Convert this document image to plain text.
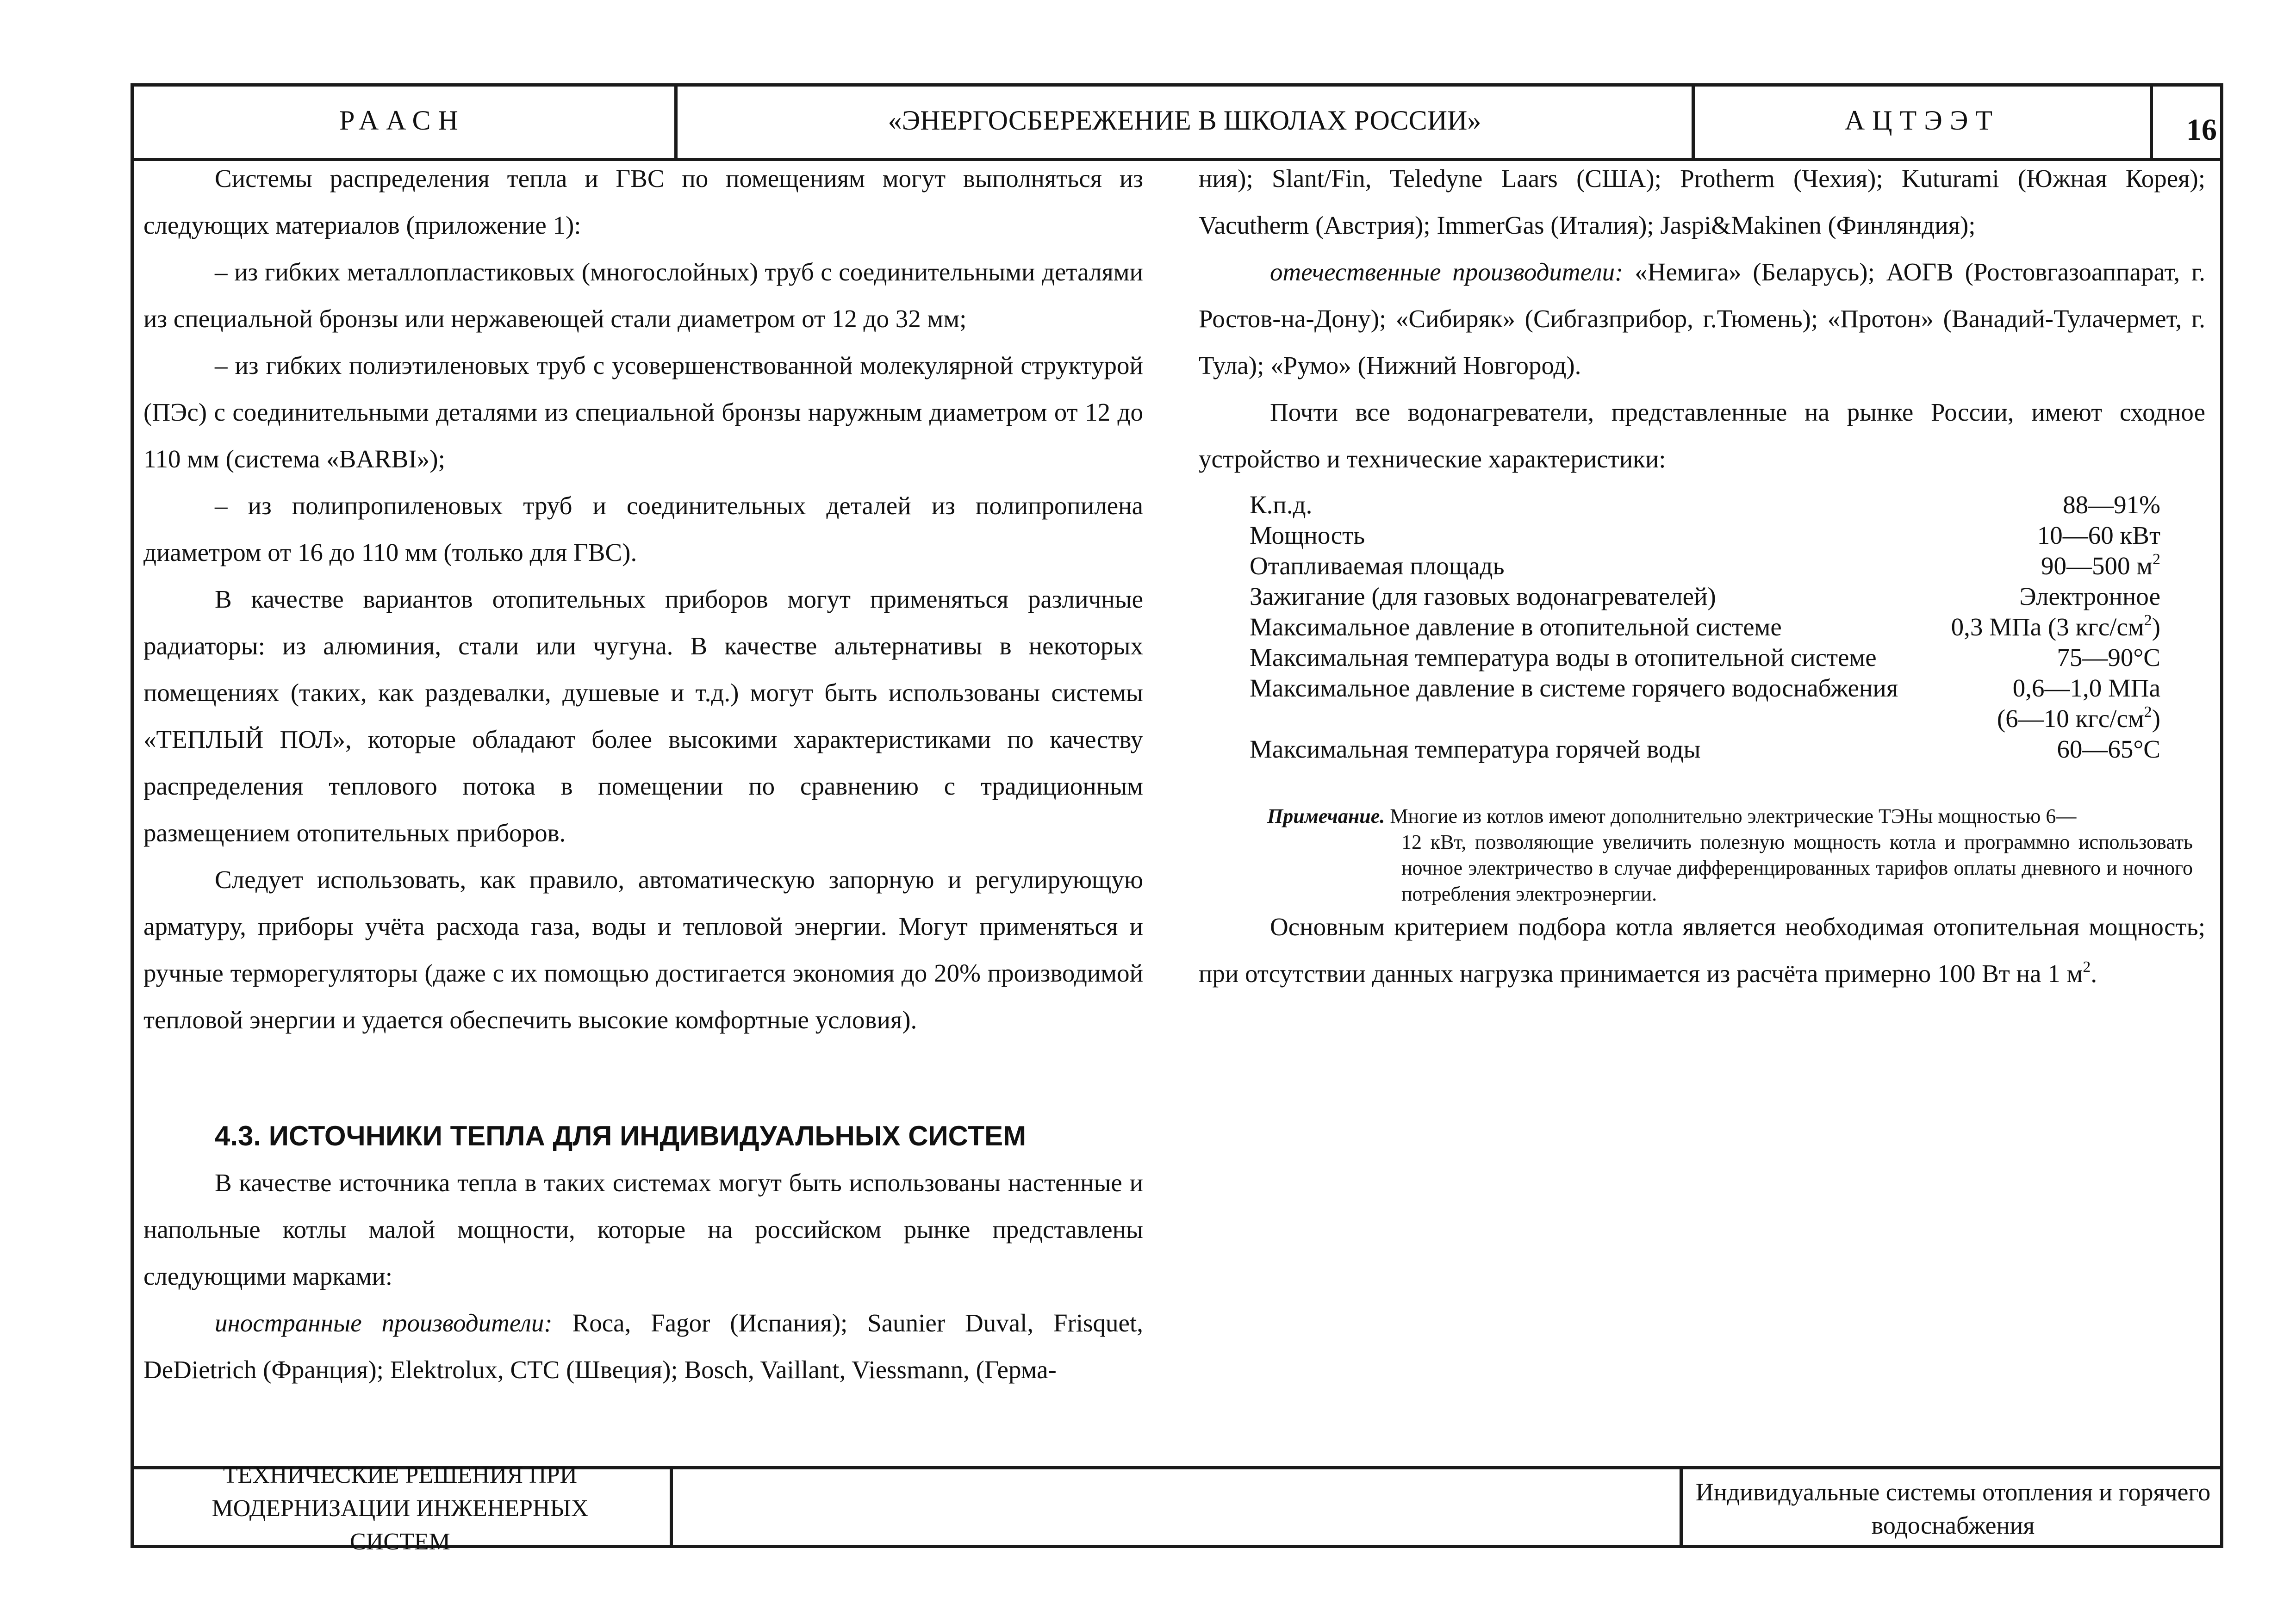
РААСН	«ЭНЕРГОСБЕРЕЖЕНИЕ В ШКОЛАХ РОССИИ»	АЦТЭЭТ	16

Системы распределения тепла и ГВС по помещениям могут выполняться из следующих материалов (приложение 1):

– из гибких металлопластиковых (многослойных) труб с соединительными деталями из специальной бронзы или нержавеющей стали диаметром от 12 до 32 мм;

– из гибких полиэтиленовых труб с усовершенствованной молекулярной структурой (ПЭс) с соединительными деталями из специальной бронзы наружным диаметром от 12 до 110 мм (система «BARBI»);

– из полипропиленовых труб и соединительных деталей из полипропилена диаметром от 16 до 110 мм (только для ГВС).

В качестве вариантов отопительных приборов могут применяться различные радиаторы: из алюминия, стали или чугуна. В качестве альтернативы в некоторых помещениях (таких, как раздевалки, душевые и т.д.) могут быть использованы системы «ТЕПЛЫЙ ПОЛ», которые обладают более высокими характеристиками по качеству распределения теплового потока в помещении по сравнению с традиционным размещением отопительных приборов.

Следует использовать, как правило, автоматическую запорную и регулирующую арматуру, приборы учёта расхода газа, воды и тепловой энергии. Могут применяться и ручные терморегуляторы (даже с их помощью достигается экономия до 20% производимой тепловой энергии и удается обеспечить высокие комфортные условия).

4.3. ИСТОЧНИКИ ТЕПЛА ДЛЯ ИНДИВИДУАЛЬНЫХ СИСТЕМ

В качестве источника тепла в таких системах могут быть использованы настенные и напольные котлы малой мощности, которые на российском рынке представлены следующими марками:

иностранные производители: Roca, Fagor (Испания); Saunier Duval, Frisquet, DeDietrich (Франция); Elektrolux, CTC (Швеция); Bosch, Vaillant, Viessmann, (Герма-

ния); Slant/Fin, Teledyne Laars (США); Protherm (Чехия); Kuturami (Южная Корея); Vacutherm (Австрия); ImmerGas (Италия); Jaspi&Makinen (Финляндия);

отечественные производители: «Немига» (Беларусь); АОГВ (Ростовгазоаппарат, г. Ростов-на-Дону); «Сибиряк» (Сибгазприбор, г.Тюмень); «Протон» (Ванадий-Тулачермет, г. Тула); «Румо» (Нижний Новгород).

Почти все водонагреватели, представленные на рынке России, имеют сходное устройство и технические характеристики:

К.п.д.	88—91%
Мощность	10—60 кВт
Отапливаемая площадь	90—500 $м^2$
Зажигание (для газовых водонагревателей)	Электронное
Максимальное давление в отопительной системе	0,3 МПа (3 кгс/$см^2$)
Максимальная температура воды в отопительной системе	75—90°С
Максимальное давление в системе горячего водоснабжения	0,6—1,0 МПа
(6—10 кгс/$см^2$)
Максимальная температура горячей воды	60—65°С
Примечание. Многие из котлов имеют дополнительно электрические ТЭНы мощностью 6—
12 кВт, позволяющие увеличить полезную мощность котла и программно использовать ночное электричество в случае дифференцированных тарифов оплаты дневного и ночного потребления электроэнергии.

Основным критерием подбора котла является необходимая отопительная мощность; при отсутствии данных нагрузка принимается из расчёта примерно 100 Вт на 1 $м^2$.

ТЕХНИЧЕСКИЕ РЕШЕНИЯ ПРИ МОДЕРНИЗАЦИИ ИНЖЕНЕРНЫХ СИСТЕМ
Индивидуальные системы отопления и горячего водоснабжения
